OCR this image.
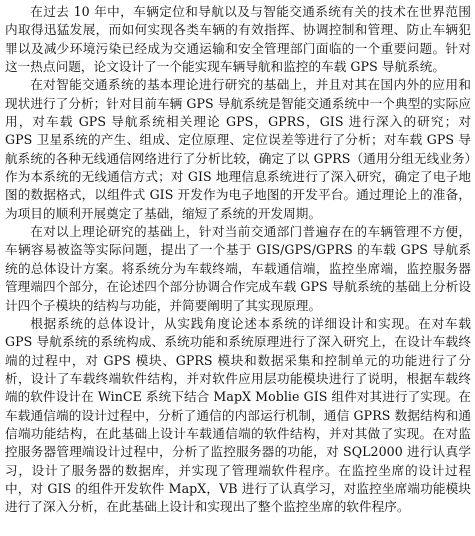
在过去 10 年中，车辆定位和导航以及与智能交通系统有关的技术在世界范围内取得迅猛发展，而如何实现各类车辆的有效指挥、协调控制和管理、防止车辆犯罪以及减少环境污染已经成为交通运输和安全管理部门面临的一个重要问题。针对这一热点问题，论文设计了一个能实现车辆导航和监控的车载 GPS 导航系统。

在对智能交通系统的基本理论进行研究的基础上，并且对其在国内外的应用和现状进行了分析；针对目前车辆 GPS 导航系统是智能交通系统中一个典型的实际应用，对车载 GPS 导航系统相关理论 GPS，GPRS，GIS 进行深入的研究；对 GPS 卫星系统的产生、组成、定位原理、定位误差等进行了分析；对车载 GPS 导航系统的各种无线通信网络进行了分析比较，确定了以 GPRS（通用分组无线业务）作为本系统的无线通信方式；对 GIS 地理信息系统进行了深入研究，确定了电子地图的数据格式，以组件式 GIS 开发作为电子地图的开发平台。通过理论上的准备，为项目的顺利开展奠定了基础，缩短了系统的开发周期。

在对以上理论研究的基础上，针对当前交通部门普遍存在的车辆管理不方便，车辆容易被盗等实际问题，提出了一个基于 GIS/GPS/GPRS 的车载 GPS 导航系统的总体设计方案。将系统分为车载终端，车载通信端，监控坐席端，监控服务器管理端四个部分，在论述四个部分协调合作完成车载 GPS 导航系统的基础上分析设计四个子模块的结构与功能，并简要阐明了其实现原理。

根据系统的总体设计，从实践角度论述本系统的详细设计和实现。在对车载 GPS 导航系统的系统构成、系统功能和系统原理进行了深入研究上，在设计车载终端的过程中，对 GPS 模块、GPRS 模块和数据采集和控制单元的功能进行了分析，设计了车载终端软件结构，并对软件应用层功能模块进行了说明，根据车载终端的软件设计在 WinCE 系统下结合 MapX Moblie GIS 组件对其进行了实现。在车载通信端的设计过程中，分析了通信的内部运行机制，通信 GPRS 数据结构和通信端功能结构，在此基础上设计车载通信端的软件结构，并对其做了实现。在对监控服务器管理端设计过程中，分析了监控服务器的功能，对 SQL2000 进行认真学习，设计了服务器的数据库，并实现了管理端软件程序。在监控坐席的设计过程中，对 GIS 的组件开发软件 MapX，VB 进行了认真学习，对监控坐席端功能模块进行了深入分析，在此基础上设计和实现出了整个监控坐席的软件程序。
